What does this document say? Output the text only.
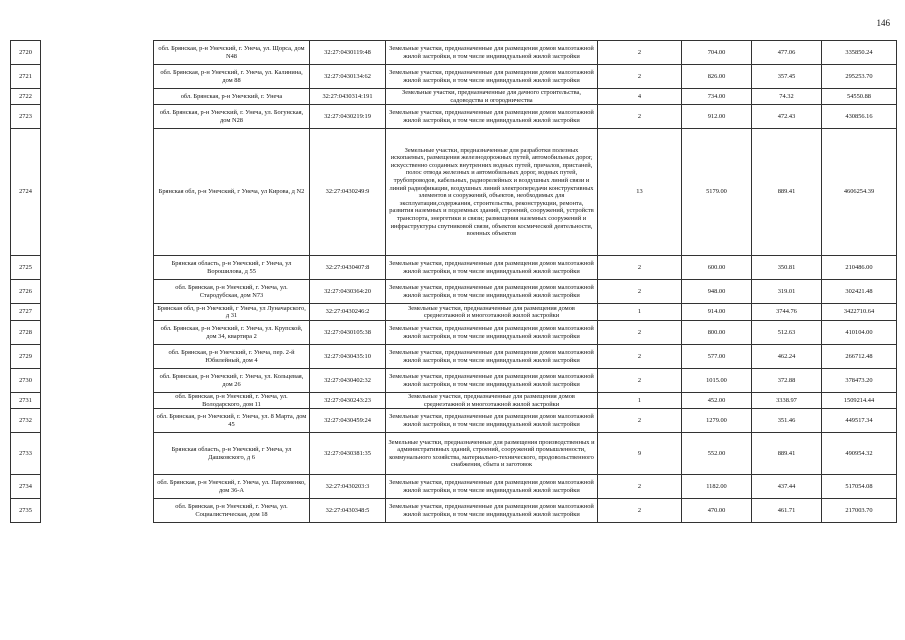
146
2720		обл. Брянская, р-н Унечский, г. Унеча, ул. Щорса, дом N48	32:27:0430119:48	Земельные участки, предназначенные для размещения домов малоэтажной жилой застройки, в том числе индивидуальной жилой застройки	2	704.00	477.06	335850.24
2721		обл. Брянская, р-н Унечский, г. Унеча, ул. Калинина, дом 88	32:27:0430134:62	Земельные участки, предназначенные для размещения домов малоэтажной жилой застройки, в том числе индивидуальной жилой застройки	2	826.00	357.45	295253.70
2722		обл. Брянская, р-н Унечский, г. Унеча	32:27:0430314:191	Земельные участки, предназначенные для дачного строительства, садоводства и огородничества	4	734.00	74.32	54550.88
2723		обл. Брянская, р-н Унечский, г. Унеча, ул. Богунская, дом N28	32:27:0430219:19	Земельные участки, предназначенные для размещения домов малоэтажной жилой застройки, в том числе индивидуальной жилой застройки	2	912.00	472.43	430856.16
2724		Брянская обл, р-н Унечский, г Унеча, ул Кирова, д N2	32:27:0430249:9	Земельные участки, предназначенные для разработки полезных ископаемых, размещения железнодорожных путей, автомобильных дорог, искусственно созданных внутренних водных путей, причалов, пристаней, полос отвода железных и автомобильных дорог, водных путей, трубопроводов, кабельных, радиорелейных и воздушных линий связи и линий радиофикации, воздушных линий электропередачи конструктивных элементов и сооружений, объектов, необходимых для эксплуатации,содержания, строительства, реконструкции, ремонта, развития наземных и подземных зданий, строений, сооружений, устройств транспорта, энергетики и связи; размещения наземных сооружений и инфраструктуры спутниковой связи, объектов космической деятельности, военных объектов	13	5179.00	889.41	4606254.39
2725		Брянская область, р-н Унечский, г Унеча, ул Ворошилова, д 55	32:27:0430407:8	Земельные участки, предназначенные для размещения домов малоэтажной жилой застройки, в том числе индивидуальной жилой застройки	2	600.00	350.81	210486.00
2726		обл. Брянская, р-н Унечский, г. Унеча, ул. Стародубская, дом N73	32:27:0430364:20	Земельные участки, предназначенные для размещения домов малоэтажной жилой застройки, в том числе индивидуальной жилой застройки	2	948.00	319.01	302421.48
2727		Брянская обл, р-н Унечский, г Унеча, ул Луначарского, д 31	32:27:0430246:2	Земельные участки, предназначенные для размещения домов среднеэтажной и многоэтажной жилой застройки	1	914.00	3744.76	3422710.64
2728		обл. Брянская, р-н Унечский, г. Унеча, ул. Крупской, дом 34, квартира 2	32:27:0430105:38	Земельные участки, предназначенные для размещения домов малоэтажной жилой застройки, в том числе индивидуальной жилой застройки	2	800.00	512.63	410104.00
2729		обл. Брянская, р-н Унечский, г. Унеча, пер. 2-й Юбилейный, дом 4	32:27:0430435:10	Земельные участки, предназначенные для размещения домов малоэтажной жилой застройки, в том числе индивидуальной жилой застройки	2	577.00	462.24	266712.48
2730		обл. Брянская, р-н Унечский, г. Унеча, ул. Кольцевая, дом 26	32:27:0430402:32	Земельные участки, предназначенные для размещения домов малоэтажной жилой застройки, в том числе индивидуальной жилой застройки	2	1015.00	372.88	378473.20
2731		обл. Брянская, р-н Унечский, г. Унеча, ул. Володарского, дом 11	32:27:0430243:23	Земельные участки, предназначенные для размещения домов среднеэтажной и многоэтажной жилой застройки	1	452.00	3338.97	1509214.44
2732		обл. Брянская, р-н Унечский, г. Унеча, ул. 8 Марта, дом 45	32:27:0430459:24	Земельные участки, предназначенные для размещения домов малоэтажной жилой застройки, в том числе индивидуальной жилой застройки	2	1279.00	351.46	449517.34
2733		Брянская область, р-н Унечский, г Унеча, ул Дашковского, д 6	32:27:0430381:35	Земельные участки, предназначенные для размещения производственных и административных зданий, строений, сооружений промышленности, коммунального хозяйства, материально-технического, продовольственного снабжения, сбыта и заготовок	9	552.00	889.41	490954.32
2734		обл. Брянская, р-н Унечский, г. Унеча, ул. Пархоменко, дом 36-А	32:27:0430203:3	Земельные участки, предназначенные для размещения домов малоэтажной жилой застройки, в том числе индивидуальной жилой застройки	2	1182.00	437.44	517054.08
2735		обл. Брянская, р-н Унечский, г. Унеча, ул. Социалистическая, дом 18	32:27:0430348:5	Земельные участки, предназначенные для размещения домов малоэтажной жилой застройки, в том числе индивидуальной жилой застройки	2	470.00	461.71	217003.70
